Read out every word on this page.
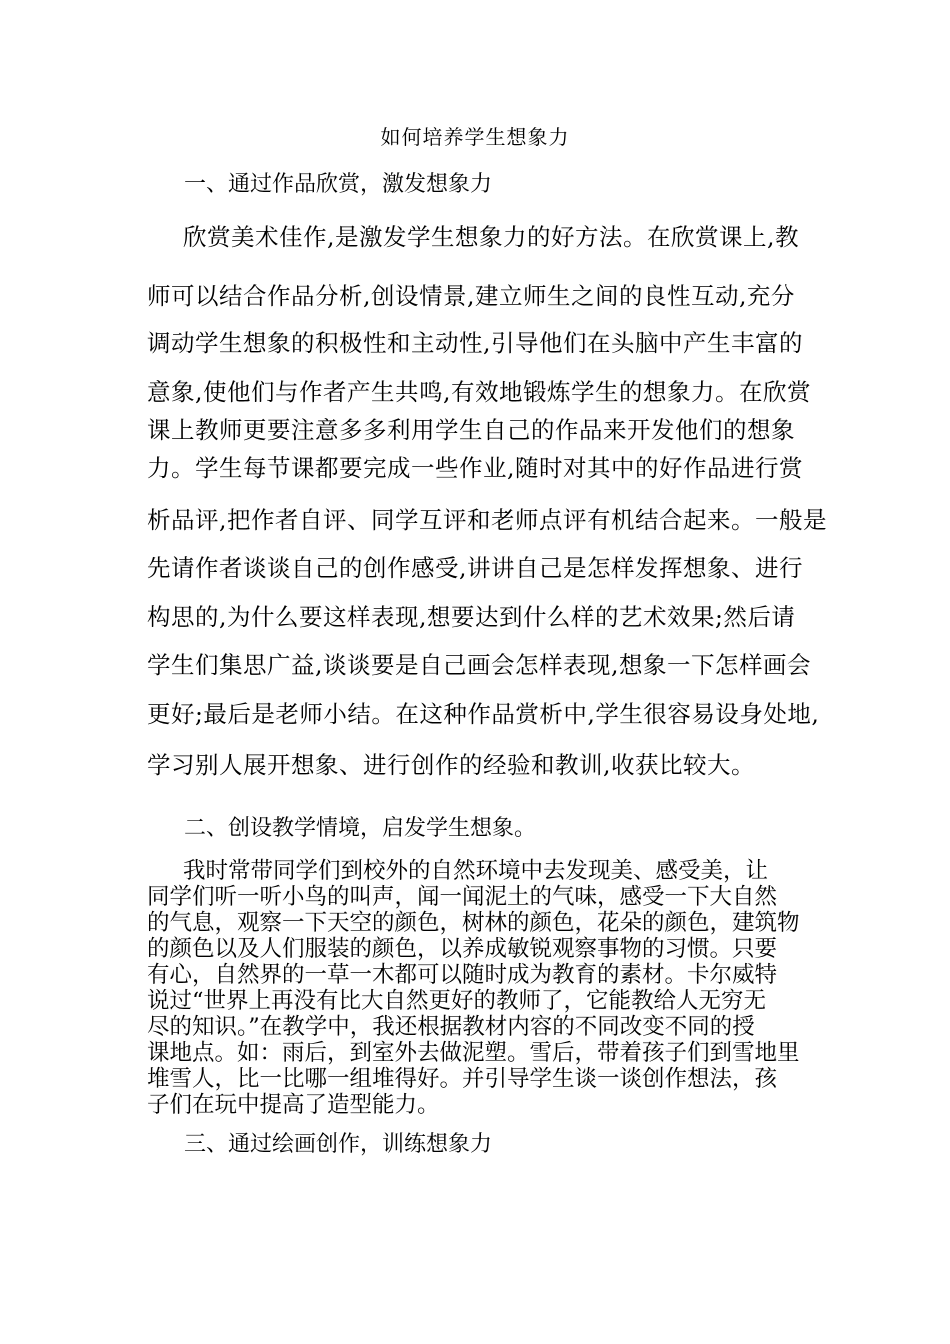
如何培养学生想象力
一、通过作品欣赏，激发想象力
欣赏美术佳作,是激发学生想象力的好方法。在欣赏课上,教
师可以结合作品分析,创设情景,建立师生之间的良性互动,充分
调动学生想象的积极性和主动性,引导他们在头脑中产生丰富的
意象,使他们与作者产生共鸣,有效地锻炼学生的想象力。在欣赏
课上教师更要注意多多利用学生自己的作品来开发他们的想象
力。学生每节课都要完成一些作业,随时对其中的好作品进行赏
析品评,把作者自评、同学互评和老师点评有机结合起来。一般是
先请作者谈谈自己的创作感受,讲讲自己是怎样发挥想象、进行
构思的,为什么要这样表现,想要达到什么样的艺术效果;然后请
学生们集思广益,谈谈要是自己画会怎样表现,想象一下怎样画会
更好;最后是老师小结。在这种作品赏析中,学生很容易设身处地,
学习别人展开想象、进行创作的经验和教训,收获比较大。
二、创设教学情境，启发学生想象。
我时常带同学们到校外的自然环境中去发现美、感受美，让
同学们听一听小鸟的叫声，闻一闻泥土的气味，感受一下大自然
的气息，观察一下天空的颜色，树林的颜色，花朵的颜色，建筑物
的颜色以及人们服装的颜色，以养成敏锐观察事物的习惯。只要
有心，自然界的一草一木都可以随时成为教育的素材。卡尔威特
说过“世界上再没有比大自然更好的教师了，它能教给人无穷无
尽的知识。”在教学中，我还根据教材内容的不同改变不同的授
课地点。如：雨后，到室外去做泥塑。雪后，带着孩子们到雪地里
堆雪人，比一比哪一组堆得好。并引导学生谈一谈创作想法，孩
子们在玩中提高了造型能力。
三、通过绘画创作，训练想象力
